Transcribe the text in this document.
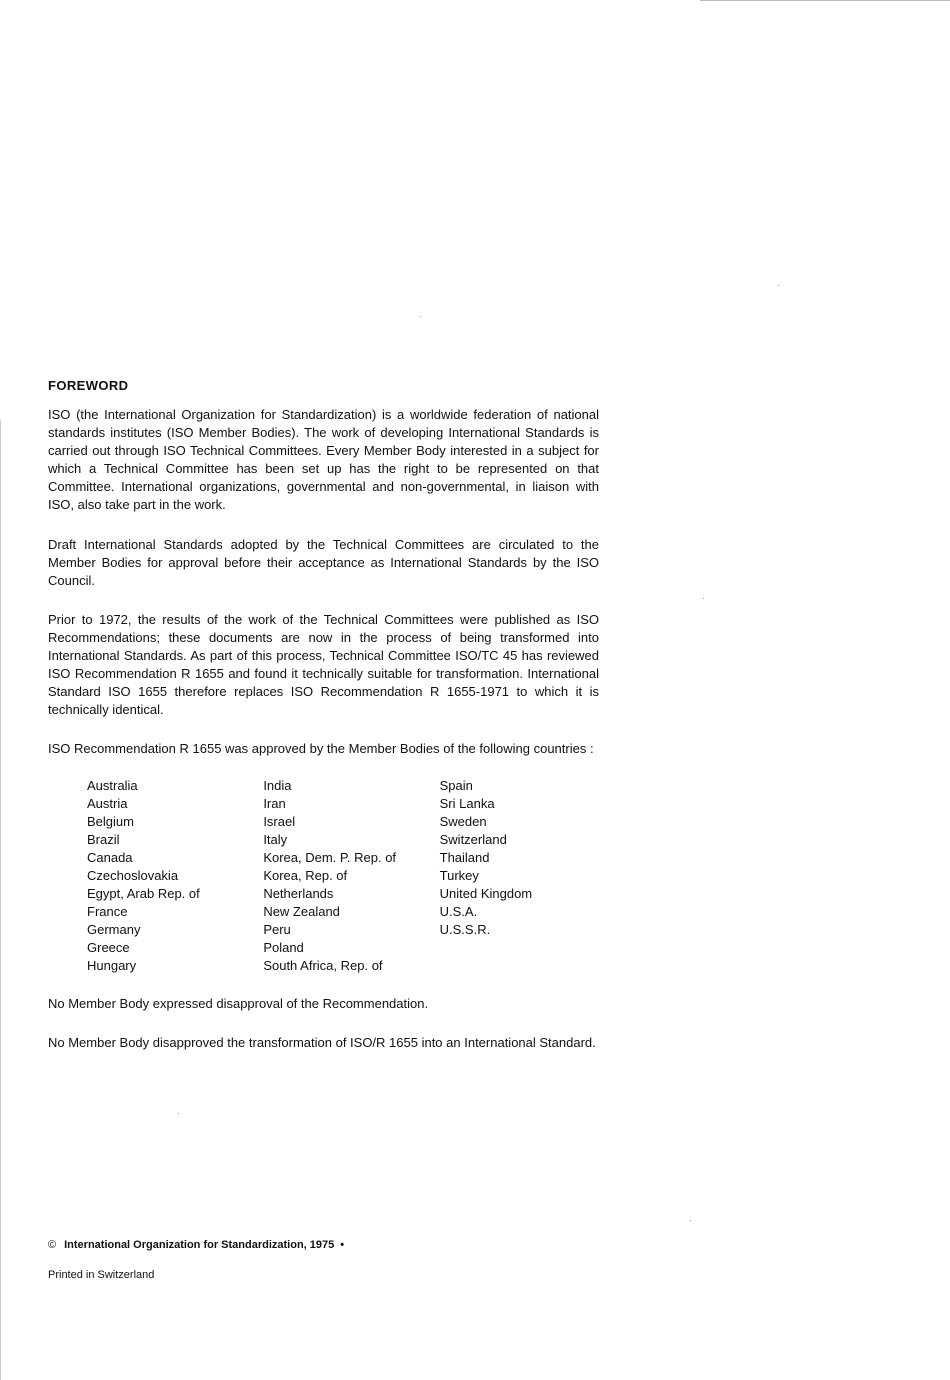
FOREWORD

ISO (the International Organization for Standardization) is a worldwide federation of national standards institutes (ISO Member Bodies). The work of developing International Standards is carried out through ISO Technical Committees. Every Member Body interested in a subject for which a Technical Committee has been set up has the right to be represented on that Committee. International organizations, governmental and non-governmental, in liaison with ISO, also take part in the work.

Draft International Standards adopted by the Technical Committees are circulated to the Member Bodies for approval before their acceptance as International Standards by the ISO Council.

Prior to 1972, the results of the work of the Technical Committees were published as ISO Recommendations; these documents are now in the process of being transformed into International Standards. As part of this process, Technical Committee ISO/TC 45 has reviewed ISO Recommendation R 1655 and found it technically suitable for transformation. International Standard ISO 1655 therefore replaces ISO Recommendation R 1655-1971 to which it is technically identical.

ISO Recommendation R 1655 was approved by the Member Bodies of the following countries :

Australia
Austria
Belgium
Brazil
Canada
Czechoslovakia
Egypt, Arab Rep. of
France
Germany
Greece
Hungary
India
Iran
Israel
Italy
Korea, Dem. P. Rep. of
Korea, Rep. of
Netherlands
New Zealand
Peru
Poland
South Africa, Rep. of
Spain
Sri Lanka
Sweden
Switzerland
Thailand
Turkey
United Kingdom
U.S.A.
U.S.S.R.

No Member Body expressed disapproval of the Recommendation.

No Member Body disapproved the transformation of ISO/R 1655 into an International Standard.

© International Organization for Standardization, 1975 •
Printed in Switzerland
